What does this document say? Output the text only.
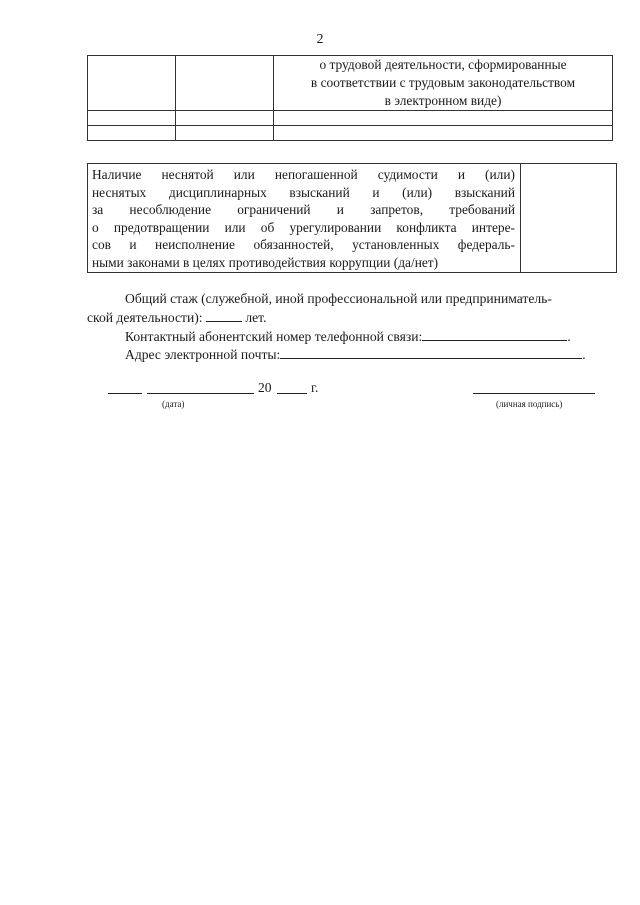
2

		о трудовой деятельности, сформированные
в соответствии с трудовым законодательством
в электронном виде)

Наличие неснятой или непогашенной судимости и (или)
неснятых дисциплинарных взысканий и (или) взысканий
за несоблюдение ограничений и запретов, требований
о предотвращении или об урегулировании конфликта интере-
сов и неисполнение обязанностей, установленных федераль-
ными законами в целях противодействия коррупции (да/нет)

Общий стаж (служебной, иной профессиональной или предприниматель-
ской деятельности):	лет.
Контактный абонентский номер телефонной связи:	.
Адрес электронной почты:	.
20	г.
(дата)	(личная подпись)
